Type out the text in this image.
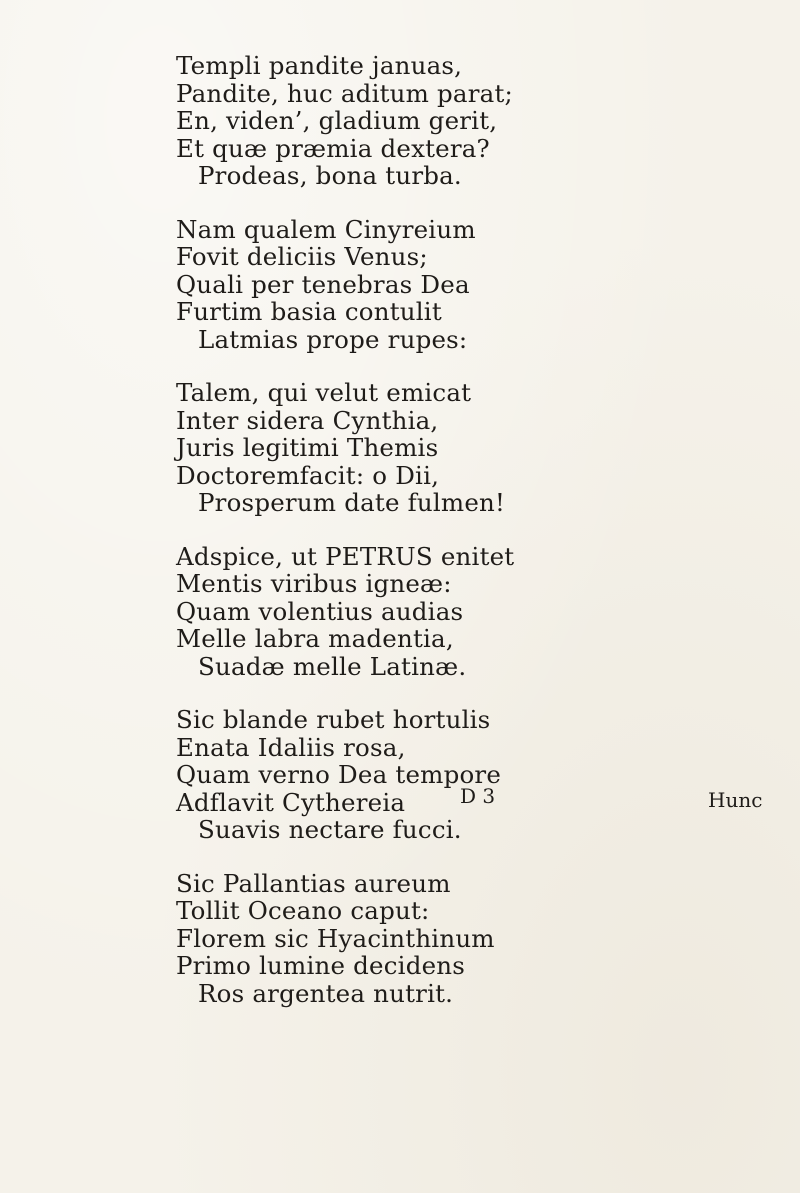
Templi pandite januas,
Pandite, huc aditum parat;
En, viden’, gladium gerit,
Et quæ præmia dextera?
Prodeas, bona turba.
Nam qualem Cinyreium
Fovit deliciis Venus;
Quali per tenebras Dea
Furtim basia contulit
Latmias prope rupes:
Talem, qui velut emicat
Inter sidera Cynthia,
Juris legitimi Themis
Doctoremfacit: o Dii,
Prosperum date fulmen!
Adspice, ut PETRUS enitet
Mentis viribus igneæ:
Quam volentius audias
Melle labra madentia,
Suadæ melle Latinæ.
Sic blande rubet hortulis
Enata Idaliis rosa,
Quam verno Dea tempore
Adflavit Cythereia
Suavis nectare fucci.
Sic Pallantias aureum
Tollit Oceano caput:
Florem sic Hyacinthinum
Primo lumine decidens
Ros argentea nutrit.
D 3	Hunc
